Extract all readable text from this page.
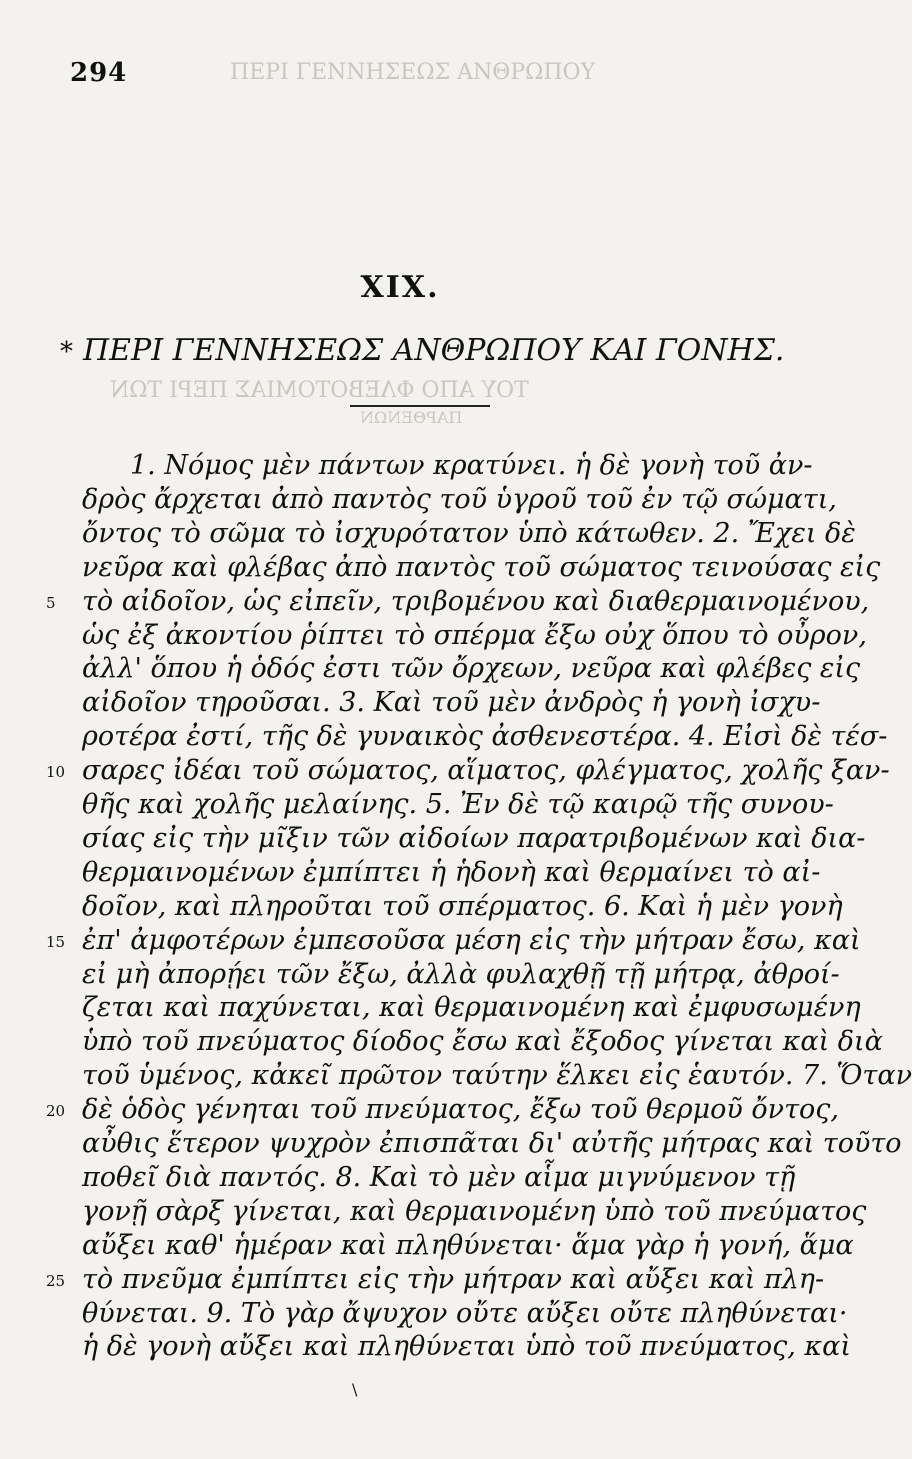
ΠΕΡΙ ΓΕΝΝΗΣΕΩΣ ΑΝΘΡΩΠΟΥ
ΤΟΥ ΑΠΟ ΦΛΕΒΟΤΟΜΙΑΣ ΠΕΡΙ ΤΩΝ
ΠΑΡΘΕΝΩΝ
294
XIX.
* ΠΕΡΙ ΓΕΝΝΗΣΕΩΣ ΑΝΘΡΩΠΟΥ ΚΑΙ ΓΟΝΗΣ.
1. Νόμος μὲν πάντων κρατύνει. ἡ δὲ γονὴ τοῦ ἀν-
δρὸς ἄρχεται ἀπὸ παντὸς τοῦ ὑγροῦ τοῦ ἐν τῷ σώματι,
ὄντος τὸ σῶμα τὸ ἰσχυρότατον ὑπὸ κάτωθεν. 2. Ἔχει δὲ
νεῦρα καὶ φλέβας ἀπὸ παντὸς τοῦ σώματος τεινούσας εἰς
5 τὸ αἰδοῖον, ὡς εἰπεῖν, τριβομένου καὶ διαθερμαινομένου,
ὡς ἐξ ἀκοντίου ῥίπτει τὸ σπέρμα ἔξω οὐχ ὅπου τὸ οὖρον,
ἀλλ' ὅπου ἡ ὁδός ἐστι τῶν ὄρχεων, νεῦρα καὶ φλέβες εἰς
αἰδοῖον τηροῦσαι. 3. Καὶ τοῦ μὲν ἀνδρὸς ἡ γονὴ ἰσχυ-
ροτέρα ἐστί, τῆς δὲ γυναικὸς ἀσθενεστέρα. 4. Εἰσὶ δὲ τέσ-
10 σαρες ἰδέαι τοῦ σώματος, αἵματος, φλέγματος, χολῆς ξαν-
θῆς καὶ χολῆς μελαίνης. 5. Ἐν δὲ τῷ καιρῷ τῆς συνου-
σίας εἰς τὴν μῖξιν τῶν αἰδοίων παρατριβομένων καὶ δια-
θερμαινομένων ἐμπίπτει ἡ ἡδονὴ καὶ θερμαίνει τὸ αἰ-
δοῖον, καὶ πληροῦται τοῦ σπέρματος. 6. Καὶ ἡ μὲν γονὴ
15 ἐπ' ἀμφοτέρων ἐμπεσοῦσα μέση εἰς τὴν μήτραν ἔσω, καὶ
εἰ μὴ ἀπορῄει τῶν ἔξω, ἀλλὰ φυλαχθῇ τῇ μήτρᾳ, ἀθροί-
ζεται καὶ παχύνεται, καὶ θερμαινομένη καὶ ἐμφυσωμένη
ὑπὸ τοῦ πνεύματος δίοδος ἔσω καὶ ἔξοδος γίνεται καὶ διὰ
τοῦ ὑμένος, κἀκεῖ πρῶτον ταύτην ἕλκει εἰς ἑαυτόν. 7. Ὅταν
20 δὲ ὁδὸς γένηται τοῦ πνεύματος, ἔξω τοῦ θερμοῦ ὄντος,
αὖθις ἕτερον ψυχρὸν ἐπισπᾶται δι' αὐτῆς μήτρας καὶ τοῦτο
ποθεῖ διὰ παντός. 8. Καὶ τὸ μὲν αἷμα μιγνύμενον τῇ
γονῇ σὰρξ γίνεται, καὶ θερμαινομένη ὑπὸ τοῦ πνεύματος
αὔξει καθ' ἡμέραν καὶ πληθύνεται· ἅμα γὰρ ἡ γονή, ἅμα
25 τὸ πνεῦμα ἐμπίπτει εἰς τὴν μήτραν καὶ αὔξει καὶ πλη-
θύνεται. 9. Τὸ γὰρ ἄψυχον οὔτε αὔξει οὔτε πληθύνεται·
ἡ δὲ γονὴ αὔξει καὶ πληθύνεται ὑπὸ τοῦ πνεύματος, καὶ
\
